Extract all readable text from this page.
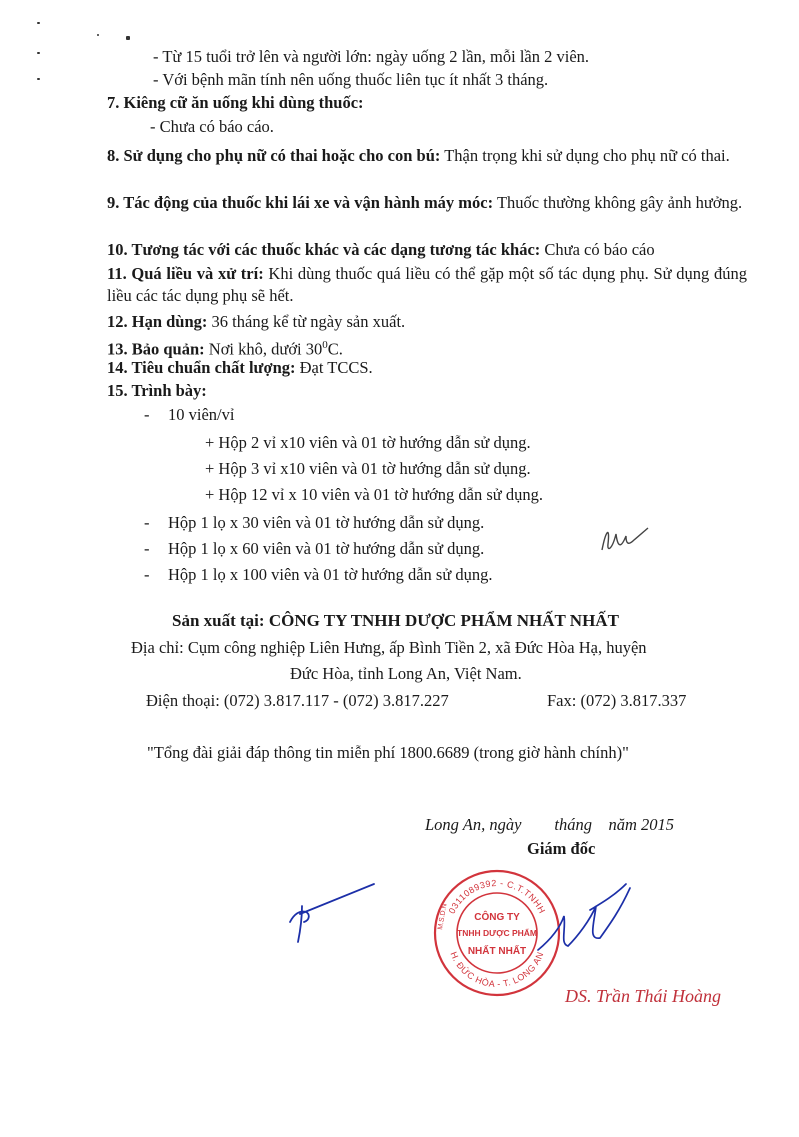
- Từ 15 tuổi trở lên và người lớn: ngày uống 2 lần, mỗi lần 2 viên.
- Với bệnh mãn tính nên uống thuốc liên tục ít nhất 3 tháng.
7. Kiêng cữ ăn uống khi dùng thuốc:
- Chưa có báo cáo.
8. Sử dụng cho phụ nữ có thai hoặc cho con bú: Thận trọng khi sử dụng cho phụ nữ có thai.
9. Tác động của thuốc khi lái xe và vận hành máy móc: Thuốc thường không gây ảnh hưởng.
10. Tương tác với các thuốc khác và các dạng tương tác khác: Chưa có báo cáo
11. Quá liều và xử trí: Khi dùng thuốc quá liều có thể gặp một số tác dụng phụ. Sử dụng đúng liều các tác dụng phụ sẽ hết.
12. Hạn dùng: 36 tháng kể từ ngày sản xuất.
13. Bảo quản: Nơi khô, dưới $30^0C$.
14. Tiêu chuẩn chất lượng: Đạt TCCS.
15. Trình bày:
- 10 viên/vỉ
+ Hộp 2 vỉ x10 viên và 01 tờ hướng dẫn sử dụng.
+ Hộp 3 vỉ x10 viên và 01 tờ hướng dẫn sử dụng.
+ Hộp 12 vỉ x 10 viên và 01 tờ hướng dẫn sử dụng.
- Hộp 1 lọ x 30 viên và 01 tờ hướng dẫn sử dụng.
- Hộp 1 lọ x 60 viên và 01 tờ hướng dẫn sử dụng.
- Hộp 1 lọ x 100 viên và 01 tờ hướng dẫn sử dụng.
Sản xuất tại: CÔNG TY TNHH DƯỢC PHẨM NHẤT NHẤT
Địa chỉ: Cụm công nghiệp Liên Hưng, ấp Bình Tiền 2, xã Đức Hòa Hạ, huyện
Đức Hòa, tỉnh Long An, Việt Nam.
Điện thoại: (072) 3.817.117 - (072) 3.817.227	Fax: (072) 3.817.337
"Tổng đài giải đáp thông tin miễn phí 1800.6689 (trong giờ hành chính)"
Long An, ngày        tháng    năm 2015
Giám đốc
0311089392 - C.T.TNHH
H. ĐỨC HÒA - T. LONG AN
M.S.D.N	CÔNG TY
TNHH DƯỢC PHẨM
NHẤT NHẤT
DS. Trần Thái Hoàng
